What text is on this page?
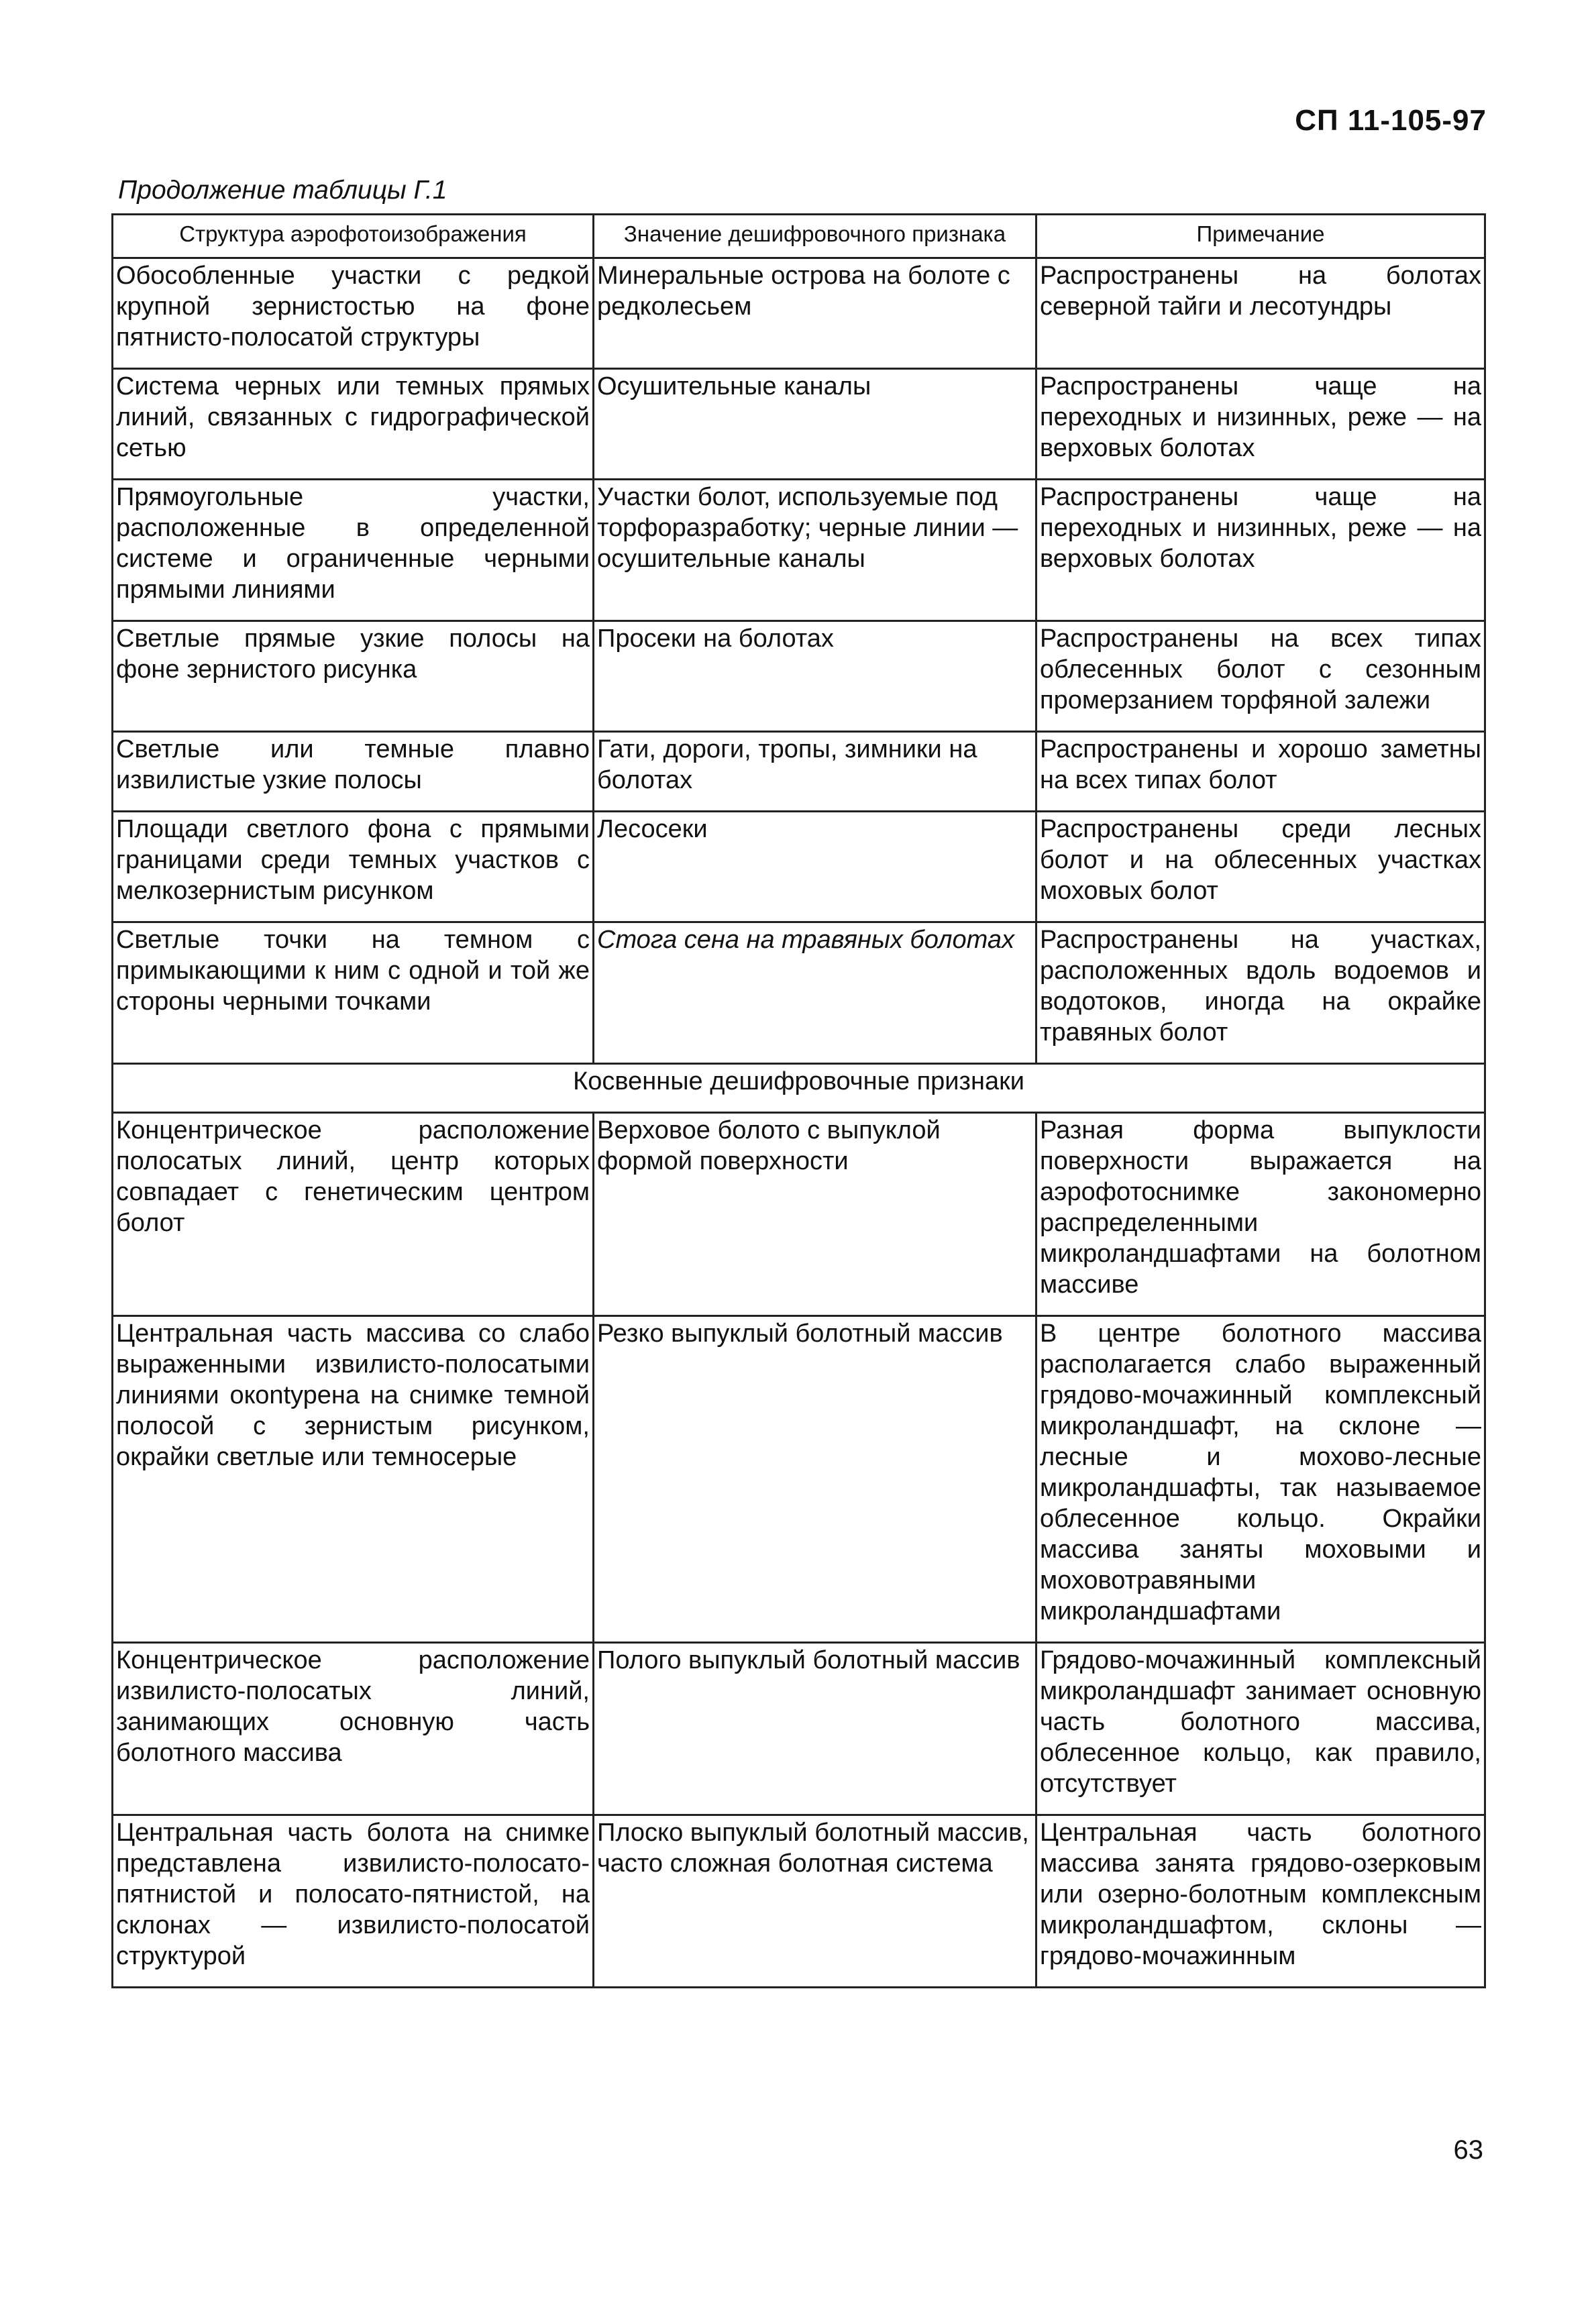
СП 11-105-97
Продолжение таблицы Г.1
Структура аэрофотоизображения	Значение дешифровочного признака	Примечание
Обособленные участки с редкой крупной зернистостью на фоне пятнисто-полосатой структуры	Минеральные острова на болоте с редколесьем	Распространены на болотах северной тайги и лесотундры
Система черных или темных прямых линий, связанных с гидрографической сетью	Осушительные каналы	Распространены чаще на переходных и низинных, реже — на верховых болотах
Прямоугольные участки, расположенные в определенной системе и ограниченные черными прямыми линиями	Участки болот, используемые под торфоразработку; черные линии —осушительные каналы	Распространены чаще на переходных и низинных, реже — на верховых болотах
Светлые прямые узкие полосы на фоне зернистого рисунка	Просеки на болотах	Распространены на всех типах облесенных болот с сезонным промерзанием торфяной залежи
Светлые или темные плавно извилистые узкие полосы	Гати, дороги, тропы, зимники на болотах	Распространены и хорошо заметны на всех типах болот
Площади светлого фона с прямыми границами среди темных участков с мелкозернистым рисунком	Лесосеки	Распространены среди лесных болот и на облесенных участках моховых болот
Светлые точки на темном с примыкающими к ним с одной и той же стороны черными точками	Стога сена на травяных болотах	Распространены на участках, расположенных вдоль водоемов и водотоков, иногда на окрайке травяных болот
Косвенные дешифровочные признаки		
Концентрическое расположение полосатых линий, центр которых совпадает с генетическим центром болот	Верховое болото с выпуклой формой поверхности	Разная форма выпуклости поверхности выражается на аэрофотоснимке закономерно распределенными микроландшафтами на болотном массиве
Центральная часть массива со слабо выраженными извилисто-полосатыми линиями окontурена на снимке темной полосой с зернистым рисунком, окрайки светлые или темносерые	Резко выпуклый болотный массив	В центре болотного массива располагается слабо выраженный грядово-мочажинный комплексный микроландшафт, на склоне — лесные и мохово-лесные микроландшафты, так называемое облесенное кольцо. Окрайки массива заняты моховыми и моховотравяными микроландшафтами
Концентрическое расположение извилисто-полосатых линий, занимающих основную часть болотного массива	Полого выпуклый болотный массив	Грядово-мочажинный комплексный микроландшафт занимает основную часть болотного массива, облесенное кольцо, как правило, отсутствует
Центральная часть болота на снимке представлена извилисто-полосато-пятнистой и полосато-пятнистой, на склонах — извилисто-полосатой структурой	Плоско выпуклый болотный массив, часто сложная болотная система	Центральная часть болотного массива занята грядово-озерковым или озерно-болотным комплексным микроландшафтом, склоны — грядово-мочажинным
63
